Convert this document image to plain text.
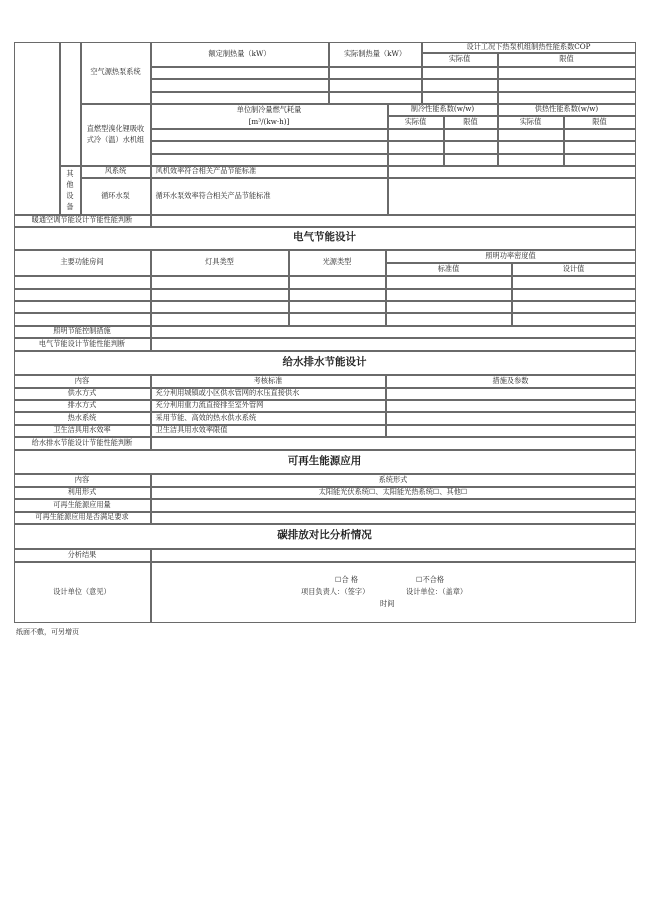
空气源热泵系统
额定制热量（kW）	实际制热量（kW）
设计工况下热泵机组制热性能系数COP
实际值	限值
直燃型溴化锂吸收式冷（温）水机组
单位制冷量燃气耗量
[m³/(kw·h)]
制冷性能系数(w/w)	供热性能系数(w/w)
实际值	限值	实际值	限值
其他设备
风系统	风机效率符合相关产品节能标准
循环水泵	循环水泵效率符合相关产品节能标准
暖通空调节能设计节能性能判断
电气节能设计
主要功能房间	灯具类型	光源类型
照明功率密度值
标准值	设计值
照明节能控制措施
电气节能设计节能性能判断
给水排水节能设计
内容	考核标准	措施及参数
供水方式	充分利用城镇或小区供水管网的水压直接供水
排水方式	充分利用重力流直接排至室外管网
热水系统	采用节能、高效的热水供水系统
卫生洁具用水效率	卫生洁具用水效率限值
给水排水节能设计节能性能判断
可再生能源应用
内容	系统形式
利用形式	太阳能光伏系统☐、太阳能光热系统☐、其他☐
可再生能源应用量
可再生能源应用是否满足要求
碳排放对比分析情况
分析结果
设计单位（意见）
☐合 格	☐不合格
项目负责人：（签字）	设计单位：（盖章）
时间
纸面不敷，可另增页
